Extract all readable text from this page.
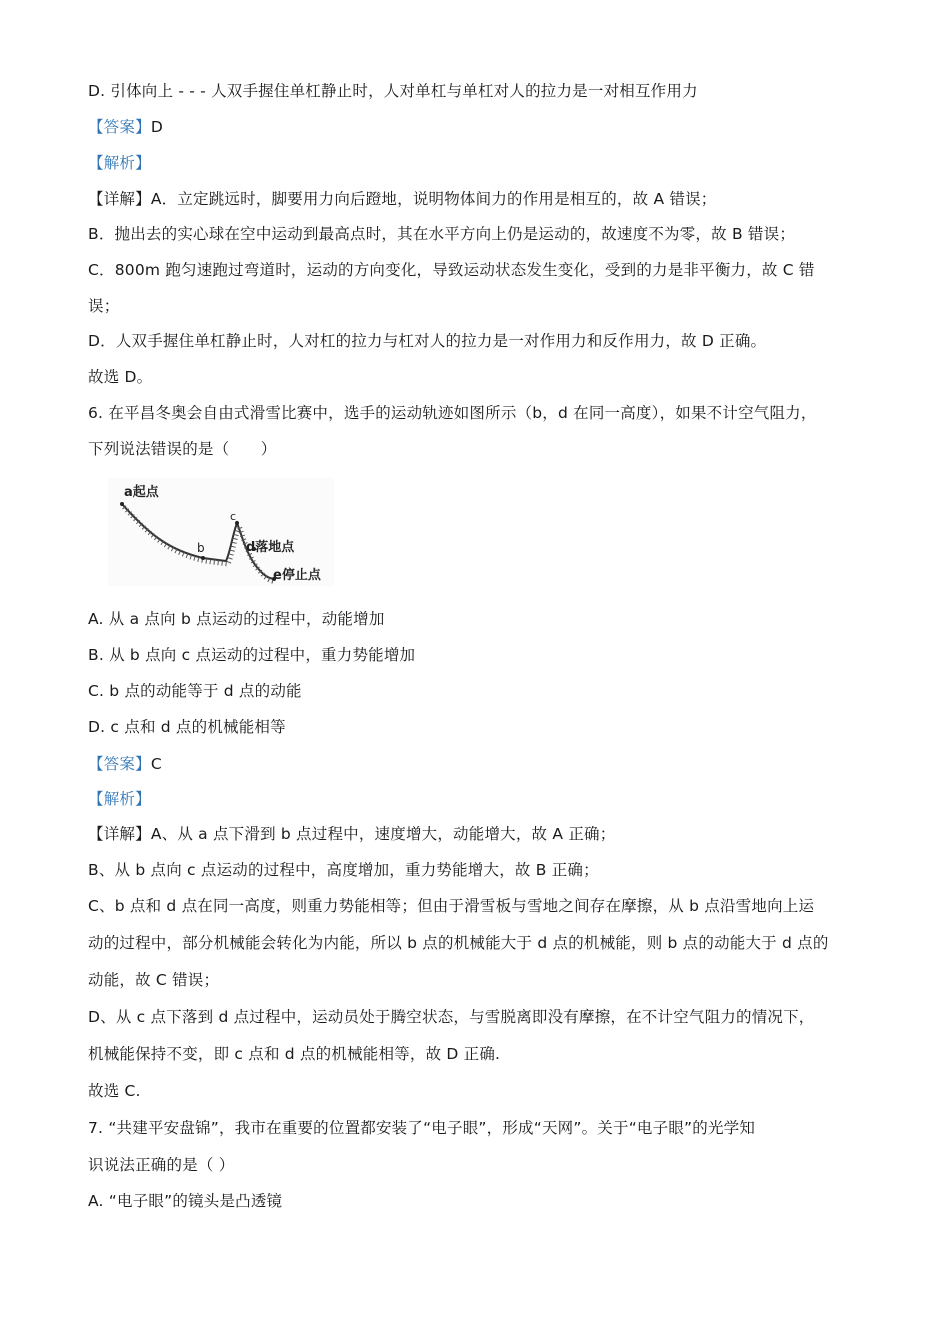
D. 引体向上 - - - 人双手握住单杠静止时，人对单杠与单杠对人的拉力是一对相互作用力
【答案】D
【解析】
【详解】A．立定跳远时，脚要用力向后蹬地，说明物体间力的作用是相互的，故 A 错误；
B．抛出去的实心球在空中运动到最高点时，其在水平方向上仍是运动的，故速度不为零，故 B 错误；
C．800m 跑匀速跑过弯道时，运动的方向变化，导致运动状态发生变化，受到的力是非平衡力，故 C 错
误；
D．人双手握住单杠静止时，人对杠的拉力与杠对人的拉力是一对作用力和反作用力，故 D 正确。
故选 D。
6. 在平昌冬奥会自由式滑雪比赛中，选手的运动轨迹如图所示（b，d 在同一高度），如果不计空气阻力，
下列说法错误的是（　　）
a起点
b
c
d落地点
e停止点
A. 从 a 点向 b 点运动的过程中，动能增加
B. 从 b 点向 c 点运动的过程中，重力势能增加
C. b 点的动能等于 d 点的动能
D. c 点和 d 点的机械能相等
【答案】C
【解析】
【详解】A、从 a 点下滑到 b 点过程中，速度增大，动能增大，故 A 正确；
B、从 b 点向 c 点运动的过程中，高度增加，重力势能增大，故 B 正确；
C、b 点和 d 点在同一高度，则重力势能相等；但由于滑雪板与雪地之间存在摩擦，从 b 点沿雪地向上运
动的过程中，部分机械能会转化为内能，所以 b 点的机械能大于 d 点的机械能，则 b 点的动能大于 d 点的
动能，故 C 错误；
D、从 c 点下落到 d 点过程中，运动员处于腾空状态，与雪脱离即没有摩擦，在不计空气阻力的情况下，
机械能保持不变，即 c 点和 d 点的机械能相等，故 D 正确.
故选 C.
7. “共建平安盘锦”，我市在重要的位置都安装了“电子眼”，形成“天网”。关于“电子眼”的光学知
识说法正确的是（ ）
A. “电子眼”的镜头是凸透镜
